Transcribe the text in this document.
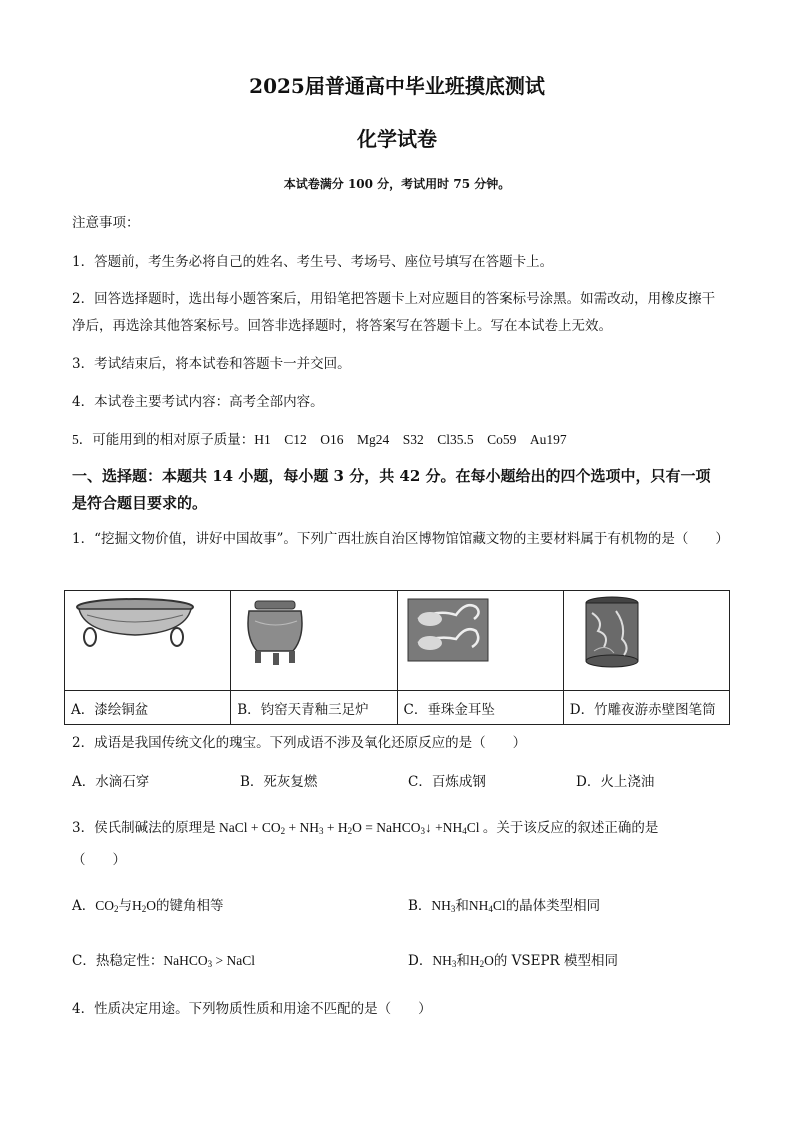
2025届普通高中毕业班摸底测试
化学试卷
本试卷满分 100 分，考试用时 75 分钟。
注意事项：
1．答题前，考生务必将自己的姓名、考生号、考场号、座位号填写在答题卡上。
2．回答选择题时，选出每小题答案后，用铅笔把答题卡上对应题目的答案标号涂黑。如需改动，用橡皮擦干净后，再选涂其他答案标号。回答非选择题时，将答案写在答题卡上。写在本试卷上无效。
3．考试结束后，将本试卷和答题卡一并交回。
4．本试卷主要考试内容：高考全部内容。
5．可能用到的相对原子质量：H1　C12　O16　Mg24　S32　Cl35.5　Co59　Au197
一、选择题：本题共 14 小题，每小题 3 分，共 42 分。在每小题给出的四个选项中，只有一项是符合题目要求的。
1．“挖掘文物价值，讲好中国故事”。下列广西壮族自治区博物馆馆藏文物的主要材料属于有机物的是（　　）

A．漆绘铜盆	B．钧窑天青釉三足炉	C．垂珠金耳坠	D．竹雕夜游赤壁图笔筒
2．成语是我国传统文化的瑰宝。下列成语不涉及氧化还原反应的是（　　）
A．水滴石穿	B．死灰复燃	C．百炼成钢	D．火上浇油
3．侯氏制碱法的原理是 NaCl + $CO_2 + NH_3 + H_2O$ = NaHCO$_3$↓ $+NH_4Cl$ 。关于该反应的叙述正确的是
（　　）
A．$CO_2$与$H_2O$的键角相等	B．$NH_3$和$NH_4Cl$的晶体类型相同
C．热稳定性：NaHCO$_3$ > NaCl	D．$NH_3$和$H_2O$的 VSEPR 模型相同
4．性质决定用途。下列物质性质和用途不匹配的是（　　）
